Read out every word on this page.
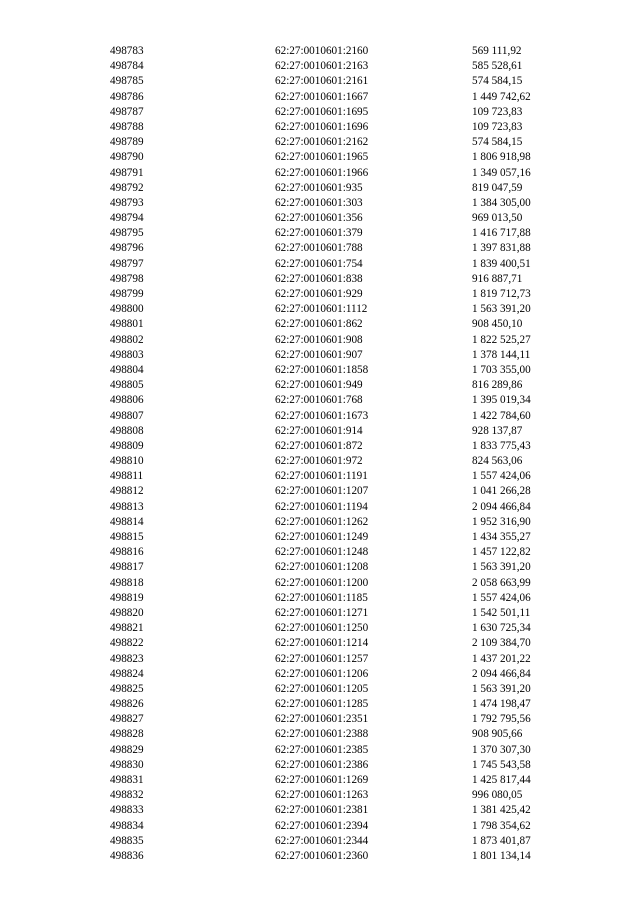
498783	62:27:0010601:2160	569 111,92
498784	62:27:0010601:2163	585 528,61
498785	62:27:0010601:2161	574 584,15
498786	62:27:0010601:1667	1 449 742,62
498787	62:27:0010601:1695	109 723,83
498788	62:27:0010601:1696	109 723,83
498789	62:27:0010601:2162	574 584,15
498790	62:27:0010601:1965	1 806 918,98
498791	62:27:0010601:1966	1 349 057,16
498792	62:27:0010601:935	819 047,59
498793	62:27:0010601:303	1 384 305,00
498794	62:27:0010601:356	969 013,50
498795	62:27:0010601:379	1 416 717,88
498796	62:27:0010601:788	1 397 831,88
498797	62:27:0010601:754	1 839 400,51
498798	62:27:0010601:838	916 887,71
498799	62:27:0010601:929	1 819 712,73
498800	62:27:0010601:1112	1 563 391,20
498801	62:27:0010601:862	908 450,10
498802	62:27:0010601:908	1 822 525,27
498803	62:27:0010601:907	1 378 144,11
498804	62:27:0010601:1858	1 703 355,00
498805	62:27:0010601:949	816 289,86
498806	62:27:0010601:768	1 395 019,34
498807	62:27:0010601:1673	1 422 784,60
498808	62:27:0010601:914	928 137,87
498809	62:27:0010601:872	1 833 775,43
498810	62:27:0010601:972	824 563,06
498811	62:27:0010601:1191	1 557 424,06
498812	62:27:0010601:1207	1 041 266,28
498813	62:27:0010601:1194	2 094 466,84
498814	62:27:0010601:1262	1 952 316,90
498815	62:27:0010601:1249	1 434 355,27
498816	62:27:0010601:1248	1 457 122,82
498817	62:27:0010601:1208	1 563 391,20
498818	62:27:0010601:1200	2 058 663,99
498819	62:27:0010601:1185	1 557 424,06
498820	62:27:0010601:1271	1 542 501,11
498821	62:27:0010601:1250	1 630 725,34
498822	62:27:0010601:1214	2 109 384,70
498823	62:27:0010601:1257	1 437 201,22
498824	62:27:0010601:1206	2 094 466,84
498825	62:27:0010601:1205	1 563 391,20
498826	62:27:0010601:1285	1 474 198,47
498827	62:27:0010601:2351	1 792 795,56
498828	62:27:0010601:2388	908 905,66
498829	62:27:0010601:2385	1 370 307,30
498830	62:27:0010601:2386	1 745 543,58
498831	62:27:0010601:1269	1 425 817,44
498832	62:27:0010601:1263	996 080,05
498833	62:27:0010601:2381	1 381 425,42
498834	62:27:0010601:2394	1 798 354,62
498835	62:27:0010601:2344	1 873 401,87
498836	62:27:0010601:2360	1 801 134,14
